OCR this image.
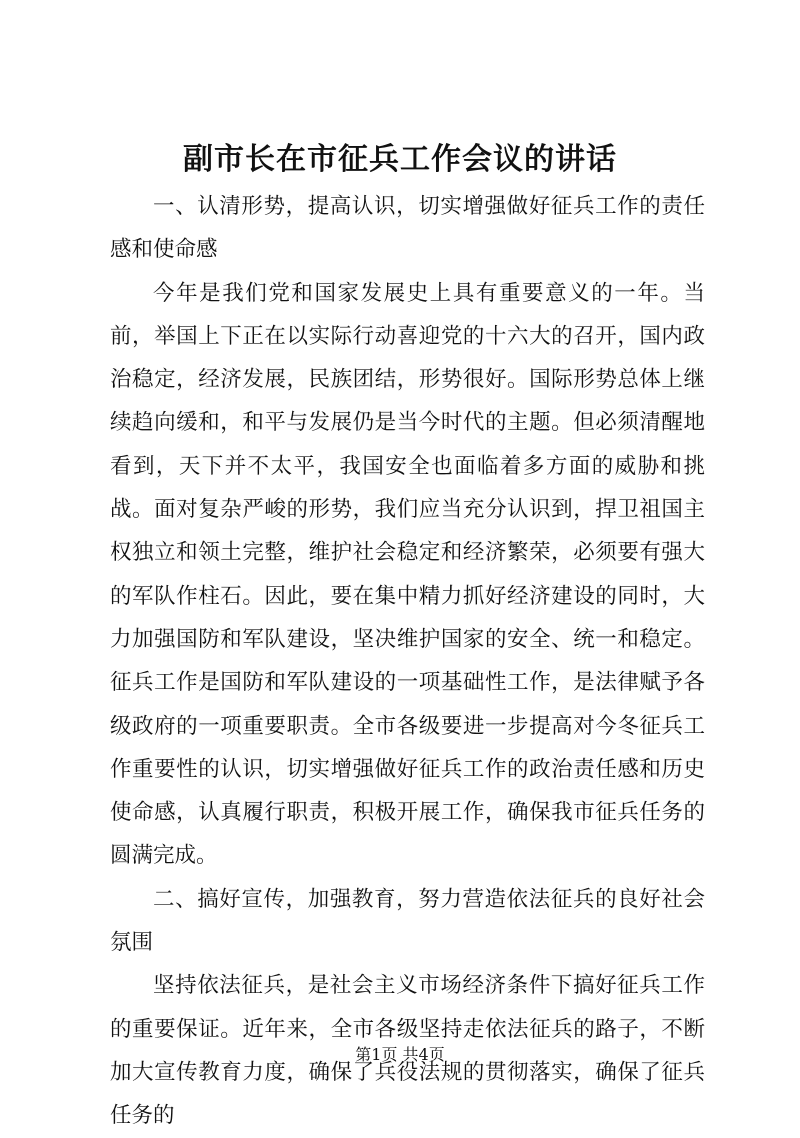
副市长在市征兵工作会议的讲话

一、认清形势，提高认识，切实增强做好征兵工作的责任感和使命感

今年是我们党和国家发展史上具有重要意义的一年。当前，举国上下正在以实际行动喜迎党的十六大的召开，国内政治稳定，经济发展，民族团结，形势很好。国际形势总体上继续趋向缓和，和平与发展仍是当今时代的主题。但必须清醒地看到，天下并不太平，我国安全也面临着多方面的威胁和挑战。面对复杂严峻的形势，我们应当充分认识到，捍卫祖国主权独立和领土完整，维护社会稳定和经济繁荣，必须要有强大的军队作柱石。因此，要在集中精力抓好经济建设的同时，大力加强国防和军队建设，坚决维护国家的安全、统一和稳定。征兵工作是国防和军队建设的一项基础性工作，是法律赋予各级政府的一项重要职责。全市各级要进一步提高对今冬征兵工作重要性的认识，切实增强做好征兵工作的政治责任感和历史使命感，认真履行职责，积极开展工作，确保我市征兵任务的圆满完成。

二、搞好宣传，加强教育，努力营造依法征兵的良好社会氛围

坚持依法征兵，是社会主义市场经济条件下搞好征兵工作的重要保证。近年来，全市各级坚持走依法征兵的路子，不断加大宣传教育力度，确保了兵役法规的贯彻落实，确保了征兵任务的

第1页 共4页
